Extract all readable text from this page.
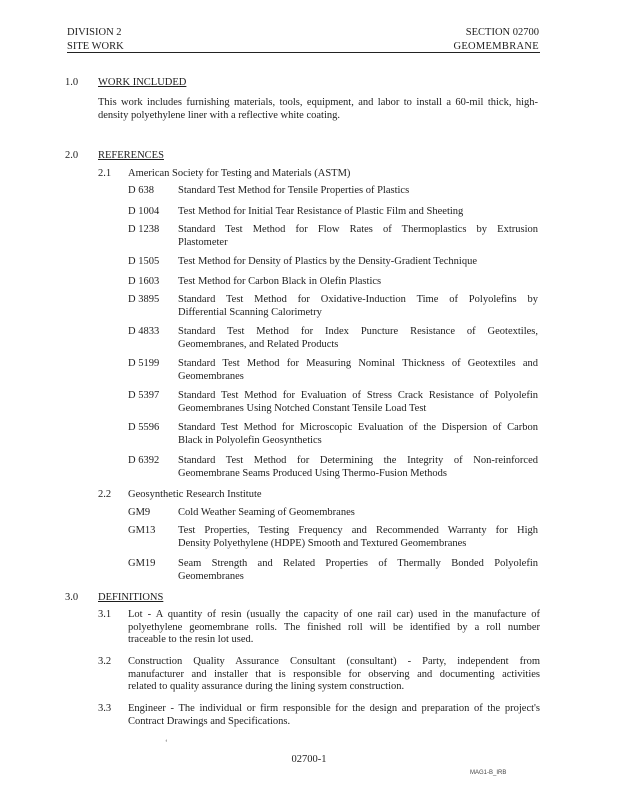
DIVISION 2	SECTION 02700
SITE WORK	GEOMEMBRANE
1.0 WORK INCLUDED
This work includes furnishing materials, tools, equipment, and labor to install a 60-mil thick, high-
density polyethylene liner with a reflective white coating.
2.0 REFERENCES
2.1 American Society for Testing and Materials (ASTM)
D 638 Standard Test Method for Tensile Properties of Plastics
D 1004 Test Method for Initial Tear Resistance of Plastic Film and Sheeting
D 1238 Standard Test Method for Flow Rates of Thermoplastics by Extrusion
Plastometer
D 1505 Test Method for Density of Plastics by the Density-Gradient Technique
D 1603 Test Method for Carbon Black in Olefin Plastics
D 3895 Standard Test Method for Oxidative-Induction Time of Polyolefins by
Differential Scanning Calorimetry
D 4833 Standard Test Method for Index Puncture Resistance of Geotextiles,
Geomembranes, and Related Products
D 5199 Standard Test Method for Measuring Nominal Thickness of Geotextiles and
Geomembranes
D 5397 Standard Test Method for Evaluation of Stress Crack Resistance of Polyolefin
Geomembranes Using Notched Constant Tensile Load Test
D 5596 Standard Test Method for Microscopic Evaluation of the Dispersion of Carbon
Black in Polyolefin Geosynthetics
D 6392 Standard Test Method for Determining the Integrity of Non-reinforced
Geomembrane Seams Produced Using Thermo-Fusion Methods
2.2 Geosynthetic Research Institute
GM9	Cold Weather Seaming of Geomembranes
GM13 Test Properties, Testing Frequency and Recommended Warranty for High
Density Polyethylene (HDPE) Smooth and Textured Geomembranes
GM19 Seam Strength and Related Properties of Thermally Bonded Polyolefin
Geomembranes
3.0 DEFINITIONS
3.1 Lot - A quantity of resin (usually the capacity of one rail car) used in the manufacture of
polyethylene geomembrane rolls. The finished roll will be identified by a roll number
traceable to the resin lot used.
3.2 Construction Quality Assurance Consultant (consultant) - Party, independent from
manufacturer and installer that is responsible for observing and documenting activities
related to quality assurance during the lining system construction.
3.3 Engineer - The individual or firm responsible for the design and preparation of the project's
Contract Drawings and Specifications.
‘
02700-1
MAG1-B_IRB
